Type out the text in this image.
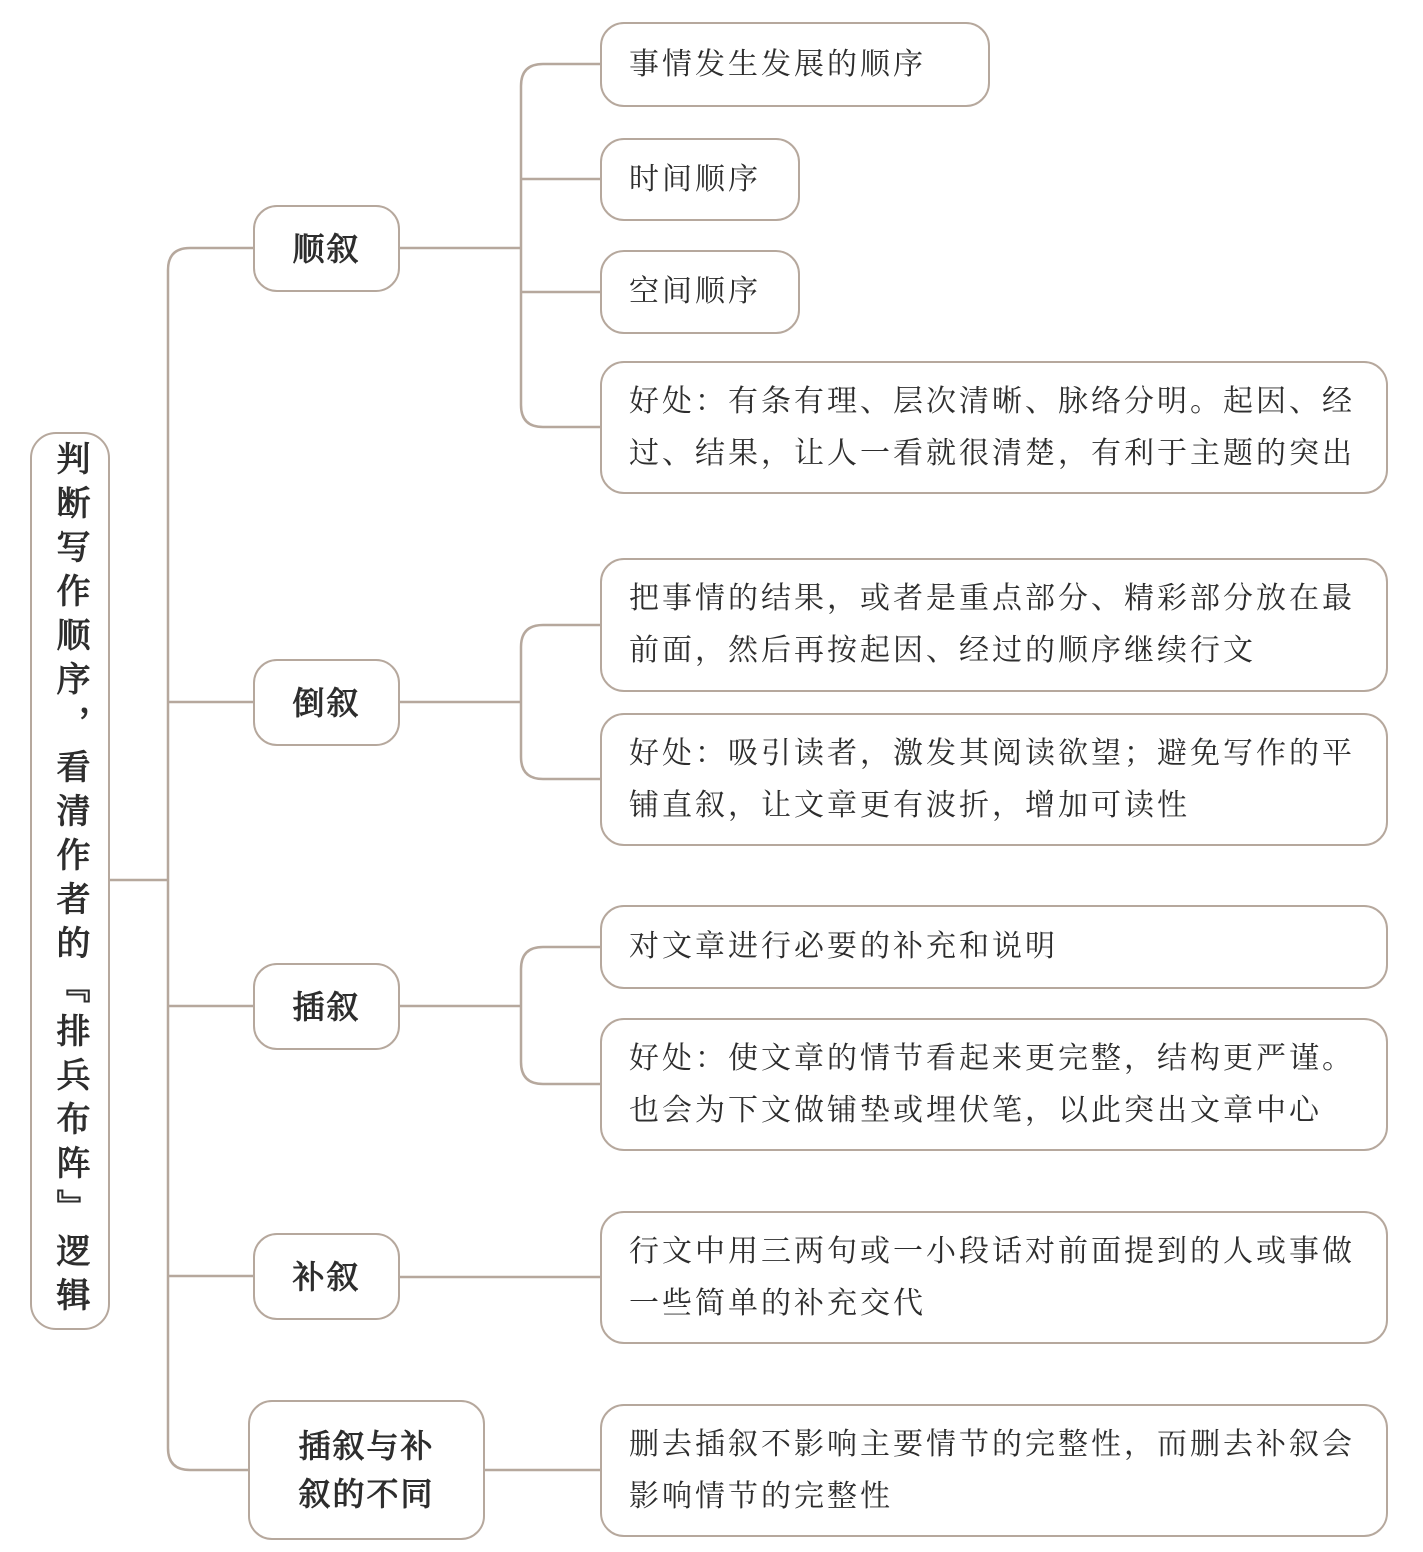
判断写作顺序，看清作者的『排兵布阵』逻辑
顺叙
倒叙
插叙
补叙
插叙与补叙的不同
事情发生发展的顺序
时间顺序
空间顺序
好处：有条有理、层次清晰、脉络分明。起因、经过、结果，让人一看就很清楚，有利于主题的突出
把事情的结果，或者是重点部分、精彩部分放在最前面，然后再按起因、经过的顺序继续行文
好处：吸引读者，激发其阅读欲望；避免写作的平铺直叙，让文章更有波折，增加可读性
对文章进行必要的补充和说明
好处：使文章的情节看起来更完整，结构更严谨。也会为下文做铺垫或埋伏笔，以此突出文章中心
行文中用三两句或一小段话对前面提到的人或事做一些简单的补充交代
删去插叙不影响主要情节的完整性，而删去补叙会影响情节的完整性
